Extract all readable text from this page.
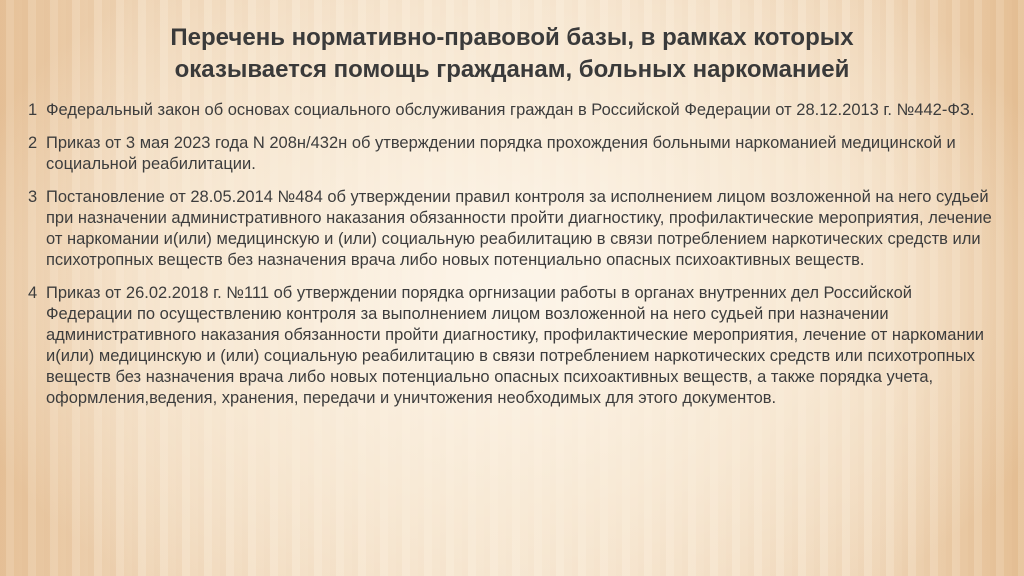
Перечень нормативно-правовой базы, в рамках которых
оказывается помощь гражданам, больных наркоманией
1 Федеральный закон об основах социального обслуживания граждан в Российской Федерации от 28.12.2013 г. №442-ФЗ.
2 Приказ от 3 мая 2023 года N 208н/432н об утверждении порядка прохождения больными наркоманией медицинской и социальной реабилитации.
3 Постановление от 28.05.2014 №484 об утверждении правил контроля за исполнением лицом возложенной на него судьей при назначении административного наказания обязанности пройти диагностику, профилактические мероприятия, лечение от наркомании и(или) медицинскую и (или) социальную реабилитацию в связи потреблением наркотических средств или психотропных веществ без назначения врача либо новых потенциально опасных психоактивных веществ.
4 Приказ от 26.02.2018 г. №111 об утверждении порядка оргнизации работы в органах внутренних дел Российской Федерации по осуществлению контроля за выполнением лицом возложенной на него судьей при назначении административного наказания обязанности пройти диагностику, профилактические мероприятия, лечение от наркомании и(или) медицинскую и (или) социальную реабилитацию в связи потреблением наркотических средств или психотропных веществ без назначения врача либо новых потенциально опасных психоактивных веществ, а также порядка учета, оформления,ведения, хранения, передачи и уничтожения необходимых для этого документов.
